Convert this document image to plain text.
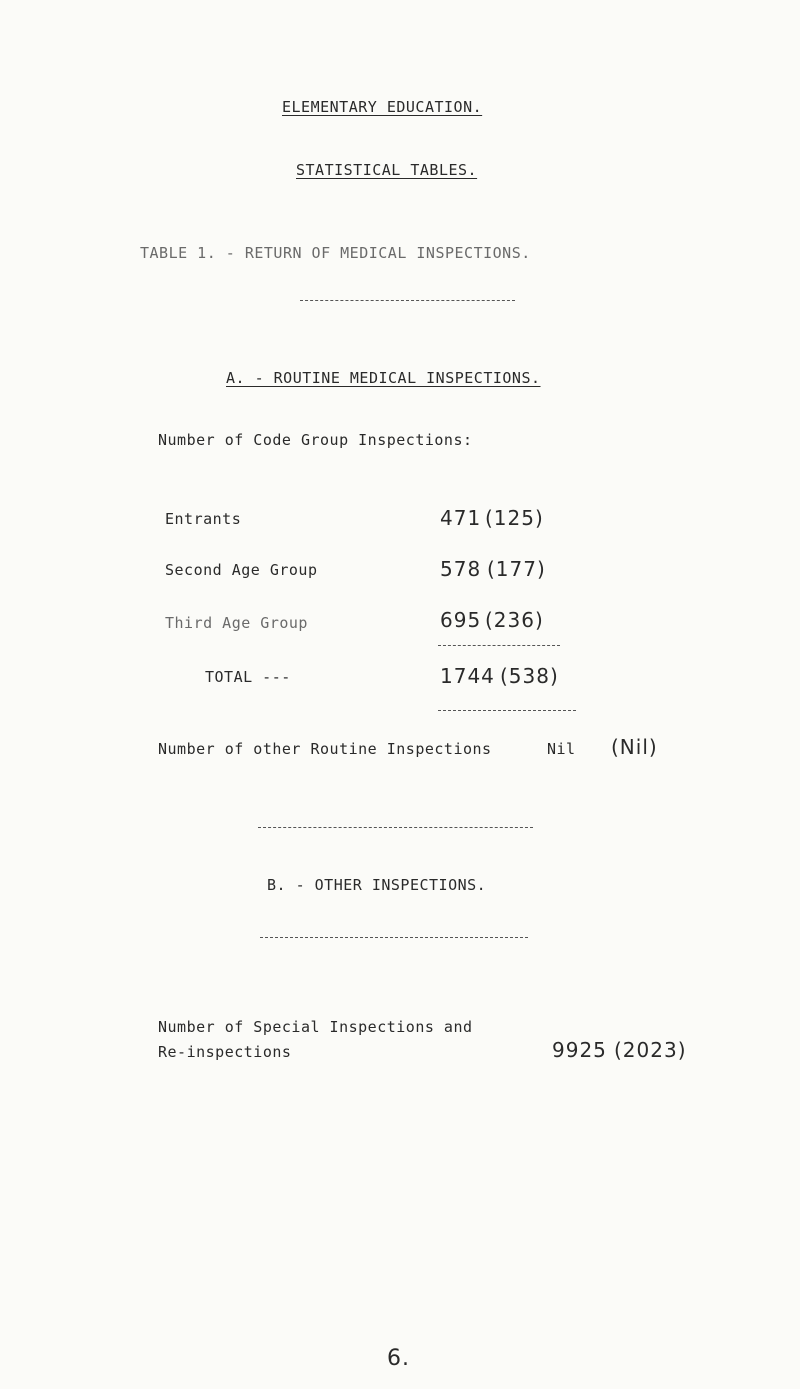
ELEMENTARY EDUCATION.
STATISTICAL TABLES.
TABLE 1. - RETURN OF MEDICAL INSPECTIONS.
A. - ROUTINE MEDICAL INSPECTIONS.
Number of Code Group Inspections:
Entrants	471 (125)
Second Age Group	578 (177)
Third Age Group	695 (236)
TOTAL ---	1744 (538)
Number of other Routine Inspections	Nil (Nil)
B. - OTHER INSPECTIONS.
Number of Special Inspections and
Re-inspections	9925 (2023)
6.
